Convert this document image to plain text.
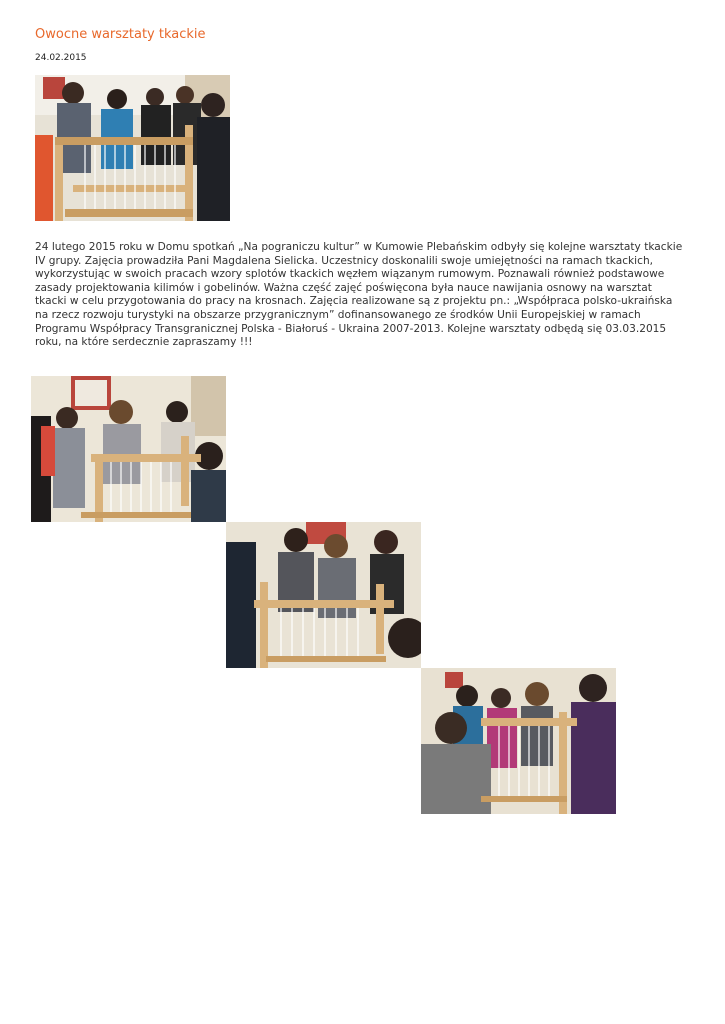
Owocne warsztaty tkackie
24.02.2015

24 lutego 2015 roku w Domu spotkań „Na pograniczu kultur” w Kumowie Plebańskim odbyły się kolejne warsztaty tkackie IV grupy. Zajęcia prowadziła Pani Magdalena Sielicka. Uczestnicy doskonalili swoje umiejętności na ramach tkackich, wykorzystując w swoich pracach wzory splotów tkackich węzłem wiązanym rumowym. Poznawali również podstawowe zasady projektowania kilimów i gobelinów. Ważna część zajęć poświęcona była nauce nawijania osnowy na warsztat tkacki w celu przygotowania do pracy na krosnach. Zajęcia realizowane są z projektu pn.: „Współpraca polsko-ukraińska na rzecz rozwoju turystyki na obszarze przygranicznym” dofinansowanego ze środków Unii Europejskiej w ramach Programu Współpracy Transgranicznej Polska - Białoruś - Ukraina 2007-2013. Kolejne warsztaty odbędą się 03.03.2015 roku, na które serdecznie zapraszamy !!!
